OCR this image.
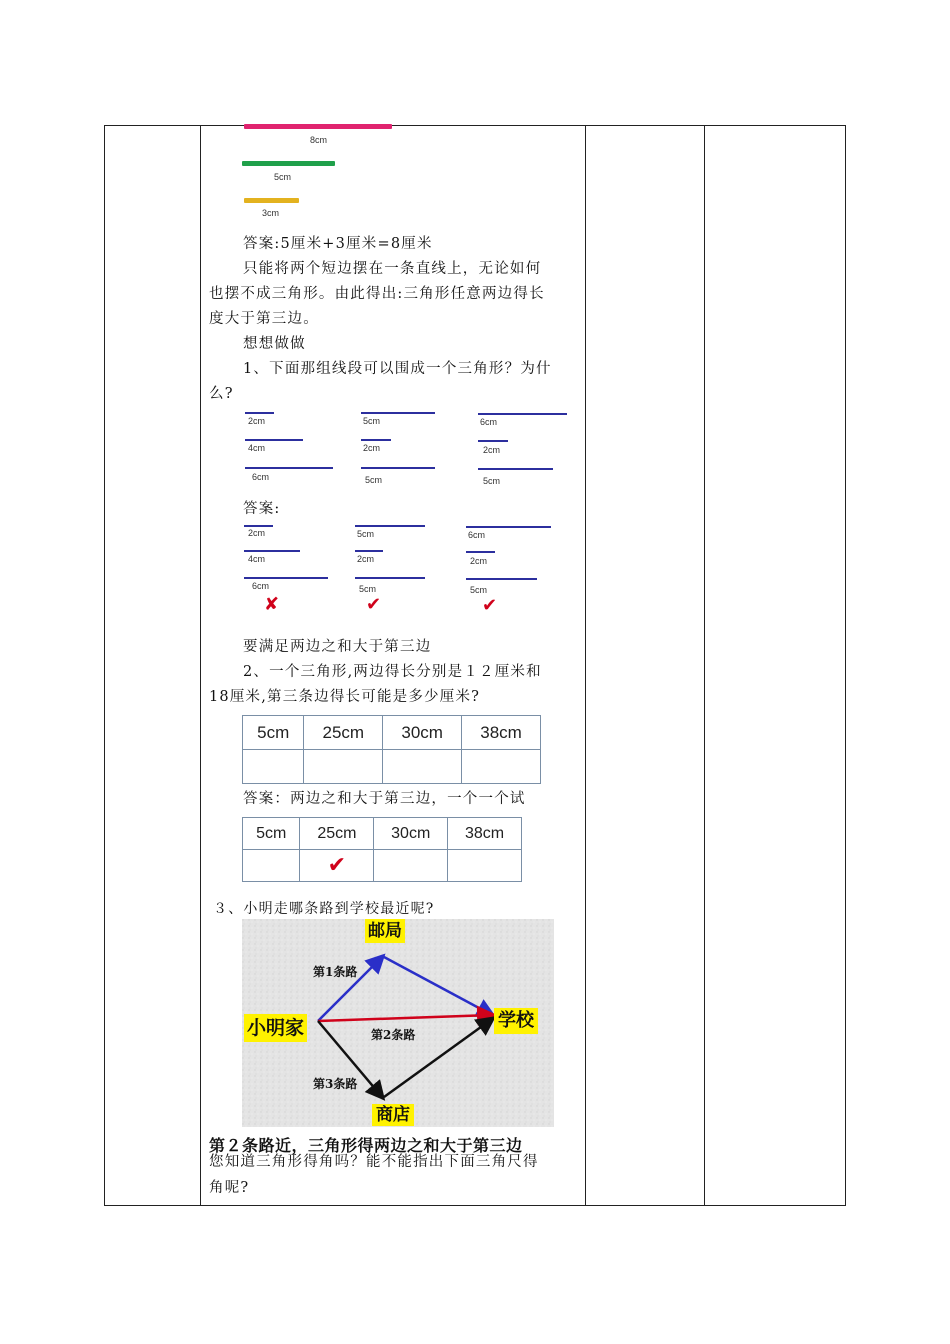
8cm
5cm
3cm
答案:5厘米+3厘米=8厘米
只能将两个短边摆在一条直线上，无论如何
也摆不成三角形。由此得出:三角形任意两边得长
度大于第三边。
想想做做
1、下面那组线段可以围成一个三角形？为什
么?
2cm
4cm
6cm
5cm
2cm
5cm
6cm
2cm
5cm
答案:
2cm
4cm
6cm
5cm
2cm
5cm
6cm
2cm
5cm
✘	✔	✔
要满足两边之和大于第三边
2、一个三角形,两边得长分别是１２厘米和
18厘米,第三条边得长可能是多少厘米?
5cm	25cm	30cm	38cm

答案：两边之和大于第三边，一个一个试
5cm	25cm	30cm	38cm
	✔		
３、小明走哪条路到学校最近呢?
邮局
小明家	学校
商店
第1条路
第2条路
第3条路
第２条路近，三角形得两边之和大于第三边
您知道三角形得角吗？能不能指出下面三角尺得
角呢?
